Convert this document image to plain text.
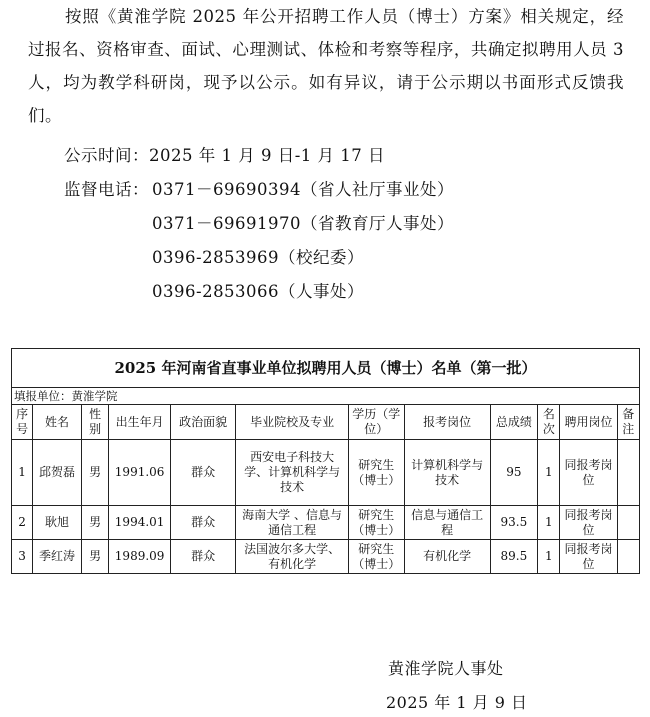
按照《黄淮学院 2025 年公开招聘工作人员（博士）方案》相关规定，经过报名、资格审查、面试、心理测试、体检和考察等程序，共确定拟聘用人员 3 人，均为教学科研岗，现予以公示。如有异议，请于公示期以书面形式反馈我们。
公示时间：2025 年 1 月 9 日-1 月 17 日
监督电话： 0371－69690394（省人社厅事业处）
0371－69691970（省教育厅人事处）
0396-2853969（校纪委）
0396-2853066（人事处）
2025 年河南省直事业单位拟聘用人员（博士）名单（第一批）											
填报单位：黄淮学院											
序号	姓名	性别	出生年月	政治面貌	毕业院校及专业	学历（学位）	报考岗位	总成绩	名次	聘用岗位	备注
1	邱贺磊	男	1991.06	群众	西安电子科技大学、计算机科学与技术	研究生（博士）	计算机科学与技术	95	1	同报考岗位	
2	耿旭	男	1994.01	群众	海南大学 、信息与通信工程	研究生（博士）	信息与通信工程	93.5	1	同报考岗位	
3	季红涛	男	1989.09	群众	法国波尔多大学、有机化学	研究生（博士）	有机化学	89.5	1	同报考岗位	
黄淮学院人事处
2025 年 1 月 9 日
